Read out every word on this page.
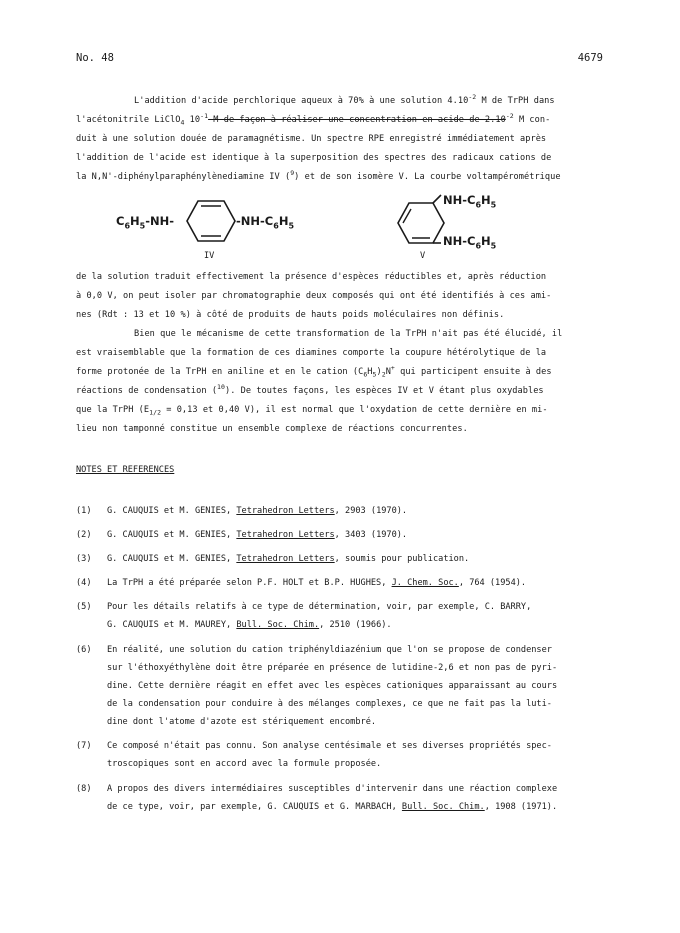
No. 48	4679
L'addition d'acide perchlorique aqueux à 70% à une solution $4.10^{-2}$ M de TrPH dans
l'acétonitrile LiClO$_4$ $10^{-1}$ M de façon à réaliser une concentration en acide de $2.10^{-2}$ M con-
duit à une solution douée de paramagnétisme. Un spectre RPE enregistré immédiatement après
l'addition de l'acide est identique à la superposition des spectres des radicaux cations de
la N,N'-diphénylparaphénylènediamine IV ($^9$) et de son isomère V. La courbe voltampérométrique
$C_6H_5-NH-$	$-NH-C_6H_5$
IV
$NH-C_6H_5$
$NH-C_6H_5$
V
de la solution traduit effectivement la présence d'espèces réductibles et, après réduction
à 0,0 V, on peut isoler par chromatographie deux composés qui ont été identifiés à ces ami-
nes (Rdt : 13 et 10 %) à côté de produits de hauts poids moléculaires non définis.
Bien que le mécanisme de cette transformation de la TrPH n'ait pas été élucidé, il
est vraisemblable que la formation de ces diamines comporte la coupure hétérolytique de la
forme protonée de la TrPH en aniline et en le cation $(C_6H_5)_2N^+$ qui participent ensuite à des
réactions de condensation ($^{10}$). De toutes façons, les espèces IV et V étant plus oxydables
que la TrPH ($E_{1/2} = 0,13$ et 0,40 V), il est normal que l'oxydation de cette dernière en mi-
lieu non tamponné constitue un ensemble complexe de réactions concurrentes.
NOTES ET REFERENCES
(1)	G. CAUQUIS et M. GENIES, Tetrahedron Letters, 2903 (1970).
(2)	G. CAUQUIS et M. GENIES, Tetrahedron Letters, 3403 (1970).
(3)	G. CAUQUIS et M. GENIES, Tetrahedron Letters, soumis pour publication.
(4)	La TrPH a été préparée selon P.F. HOLT et B.P. HUGHES, J. Chem. Soc., 764 (1954).
(5)	Pour les détails relatifs à ce type de détermination, voir, par exemple, C. BARRY,
G. CAUQUIS et M. MAUREY, Bull. Soc. Chim., 2510 (1966).
(6)	En réalité, une solution du cation triphényldiazénium que l'on se propose de condenser
sur l'éthoxyéthylène doit être préparée en présence de lutidine-2,6 et non pas de pyri-
dine. Cette dernière réagit en effet avec les espèces cationiques apparaissant au cours
de la condensation pour conduire à des mélanges complexes, ce que ne fait pas la luti-
dine dont l'atome d'azote est stériquement encombré.
(7)	Ce composé n'était pas connu. Son analyse centésimale et ses diverses propriétés spec-
troscopiques sont en accord avec la formule proposée.
(8)	A propos des divers intermédiaires susceptibles d'intervenir dans une réaction complexe
de ce type, voir, par exemple, G. CAUQUIS et G. MARBACH, Bull. Soc. Chim., 1908 (1971).
